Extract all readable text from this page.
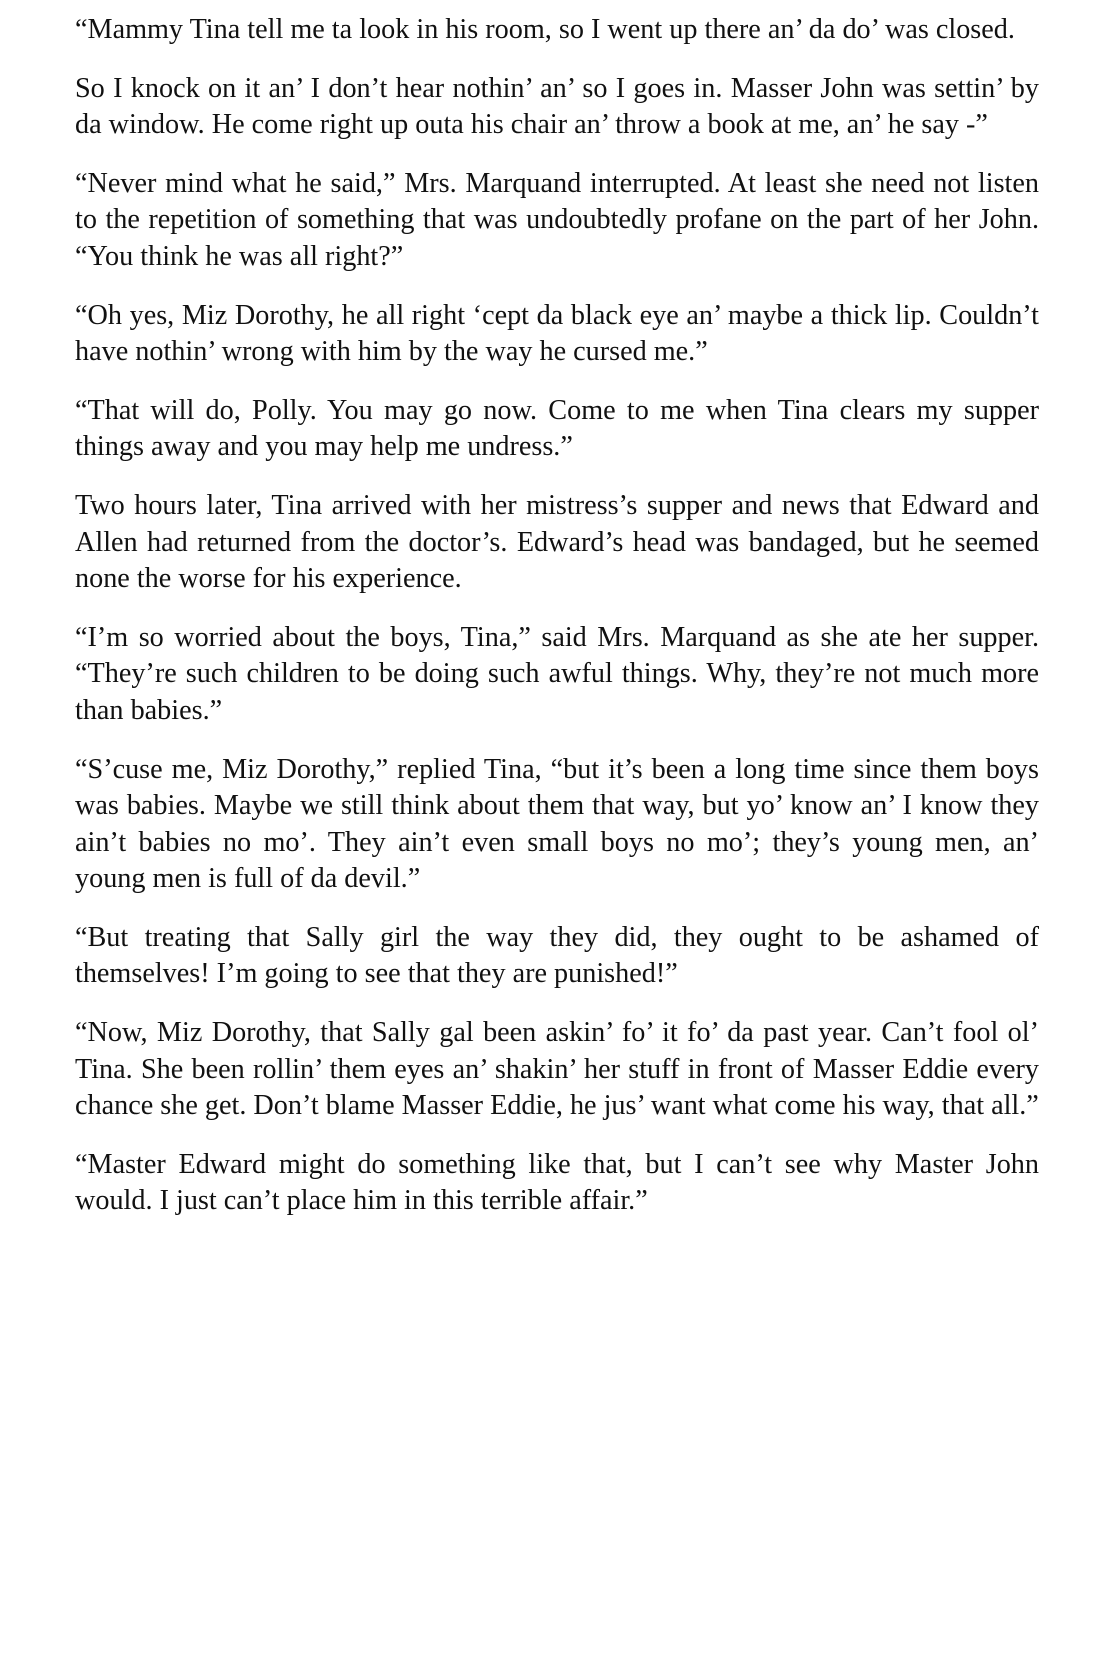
“Mammy Tina tell me ta look in his room, so I went up there an’ da do’ was closed.

So I knock on it an’ I don’t hear nothin’ an’ so I goes in. Masser John was settin’ by da window. He come right up outa his chair an’ throw a book at me, an’ he say -”

“Never mind what he said,” Mrs. Marquand interrupted. At least she need not listen to the repetition of something that was undoubtedly profane on the part of her John. “You think he was all right?”

“Oh yes, Miz Dorothy, he all right ‘cept da black eye an’ maybe a thick lip. Couldn’t have nothin’ wrong with him by the way he cursed me.”

“That will do, Polly. You may go now. Come to me when Tina clears my supper things away and you may help me undress.”

Two hours later, Tina arrived with her mistress’s supper and news that Edward and Allen had returned from the doctor’s. Edward’s head was bandaged, but he seemed none the worse for his experience.

“I’m so worried about the boys, Tina,” said Mrs. Marquand as she ate her supper. “They’re such children to be doing such awful things. Why, they’re not much more than babies.”

“S’cuse me, Miz Dorothy,” replied Tina, “but it’s been a long time since them boys was babies. Maybe we still think about them that way, but yo’ know an’ I know they ain’t babies no mo’. They ain’t even small boys no mo’; they’s young men, an’ young men is full of da devil.”

“But treating that Sally girl the way they did, they ought to be ashamed of themselves! I’m going to see that they are punished!”

“Now, Miz Dorothy, that Sally gal been askin’ fo’ it fo’ da past year. Can’t fool ol’ Tina. She been rollin’ them eyes an’ shakin’ her stuff in front of Masser Eddie every chance she get. Don’t blame Masser Eddie, he jus’ want what come his way, that all.”

“Master Edward might do something like that, but I can’t see why Master John would. I just can’t place him in this terrible affair.”
